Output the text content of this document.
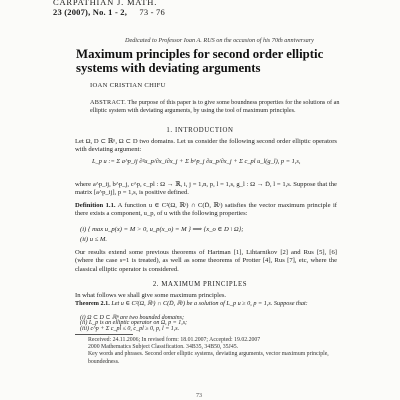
CARPATHIAN J. MATH.
23 (2007), No. 1 - 2, 73 - 76
Dedicated to Professor Ioan A. RUS on the occasion of his 70th anniversary
Maximum principles for second order elliptic systems with deviating arguments
IOAN CRISTIAN CHIFU
ABSTRACT. The purpose of this paper is to give some boundness properties for the solutions of an elliptic system with deviating arguments, by using the tool of maximum principles.
1. INTRODUCTION
Let Ω, D ⊂ ℝⁿ, Ω ⊂ D two domains. Let us consider the following second order elliptic operators with deviating argument:
L_p u := Σ a^p_ij ∂²u_p/∂x_i∂x_j + Σ b^p_j ∂u_p/∂x_j + Σ c_pl u_l(g_l), p = 1,s,
where a^p_ij, b^p_j, c^p, c_pl : Ω → ℝ, i, j = 1,n, p, l = 1,s, g_l : Ω → D̄, l = 1,s. Suppose that the matrix [a^p_ij], p = 1,s, is positive defined.
Definition 1.1. A function u ∈ C²(Ω, ℝˢ) ∩ C(D̄, ℝˢ) satisfies the vector maximum principle if there exists a component, u_p, of u with the following properties:
(i) { max u_p(x) = M > 0, u_p(x_o) = M } ⟹ {x_o ∈ D \ Ω};
(ii) u ≤ M.
Our results extend some previous theorems of Hartman [1], Lihtarnikov [2] and Rus [5], [6] (where the case s=1 is treated), as well as some theorems of Protter [4], Rus [7], etc, where the classical elliptic operator is considered.
2. MAXIMUM PRINCIPLES
In what follows we shall give some maximum principles.
Theorem 2.1. Let u ∈ C²(Ω, ℝˢ) ∩ C(D̄, ℝˢ) be a solution of L_p u ≥ 0, p = 1,s. Suppose that:
(i) Ω ⊂ D ⊂ ℝⁿ are two bounded domains;
Received: 24.11.2006; In revised form: 18.01.2007; Accepted: 19.02.2007
2000 Mathematics Subject Classification. 34B35, 34B50, 35J45.
Key words and phrases. Second order elliptic systems, deviating arguments, vector maximum principle, boundedness.
(ii) L_p is an elliptic operator on Ω, p = 1,s;
(iii) c^p + Σ c_pl ≤ 0, c_pl ≥ 0, p, l = 1,s.
73
